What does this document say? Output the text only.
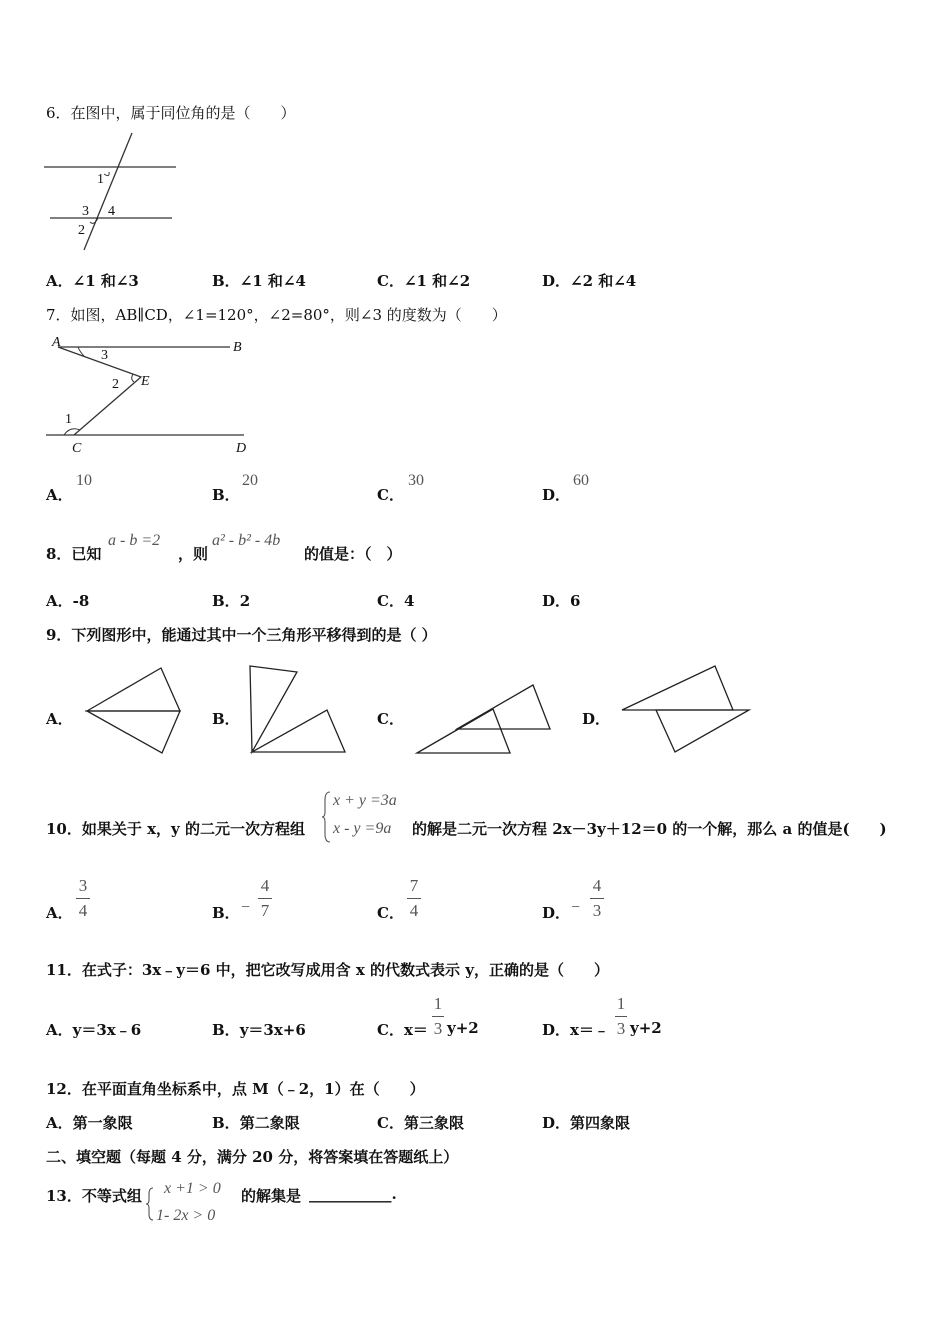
6．在图中，属于同位角的是（　　）
1
3 4
2
A．∠1 和∠3	B．∠1 和∠4	C．∠1 和∠2	D．∠2 和∠4
7．如图，AB∥CD，∠1=120°，∠2=80°，则∠3 的度数为（　　）
A	B
3
2 E
1
C	D
A．
10
B．
20
C．
30
D．
60
8．已知
a - b =2
，则
a² - b² - 4b
的值是：（　）
A．-8	B．2	C．4	D．6
9．下列图形中，能通过其中一个三角形平移得到的是（ ）
A．	B．	C．	D．
10．如果关于 x，y 的二元一次方程组
x + y =3a
x - y =9a 的解是二元一次方程 2x－3y＋12＝0 的一个解，那么 a 的值是(　　)
A．
3
4	B． −
4
7	C．
7
4	D． −
4
3
11．在式子：3x﹣y＝6 中，把它改写成用含 x 的代数式表示 y，正确的是（　　）
A．y＝3x﹣6	B．y＝3x+6	C．x＝
1
3 y+2	D．x＝﹣
1
3 y+2
12．在平面直角坐标系中，点 M（﹣2，1）在（　　）
A．第一象限	B．第二象限	C．第三象限	D．第四象限
二、填空题（每题 4 分，满分 20 分，将答案填在答题纸上）
13．不等式组 x +1 > 0
1- 2x > 0
的解集是 ___________.
